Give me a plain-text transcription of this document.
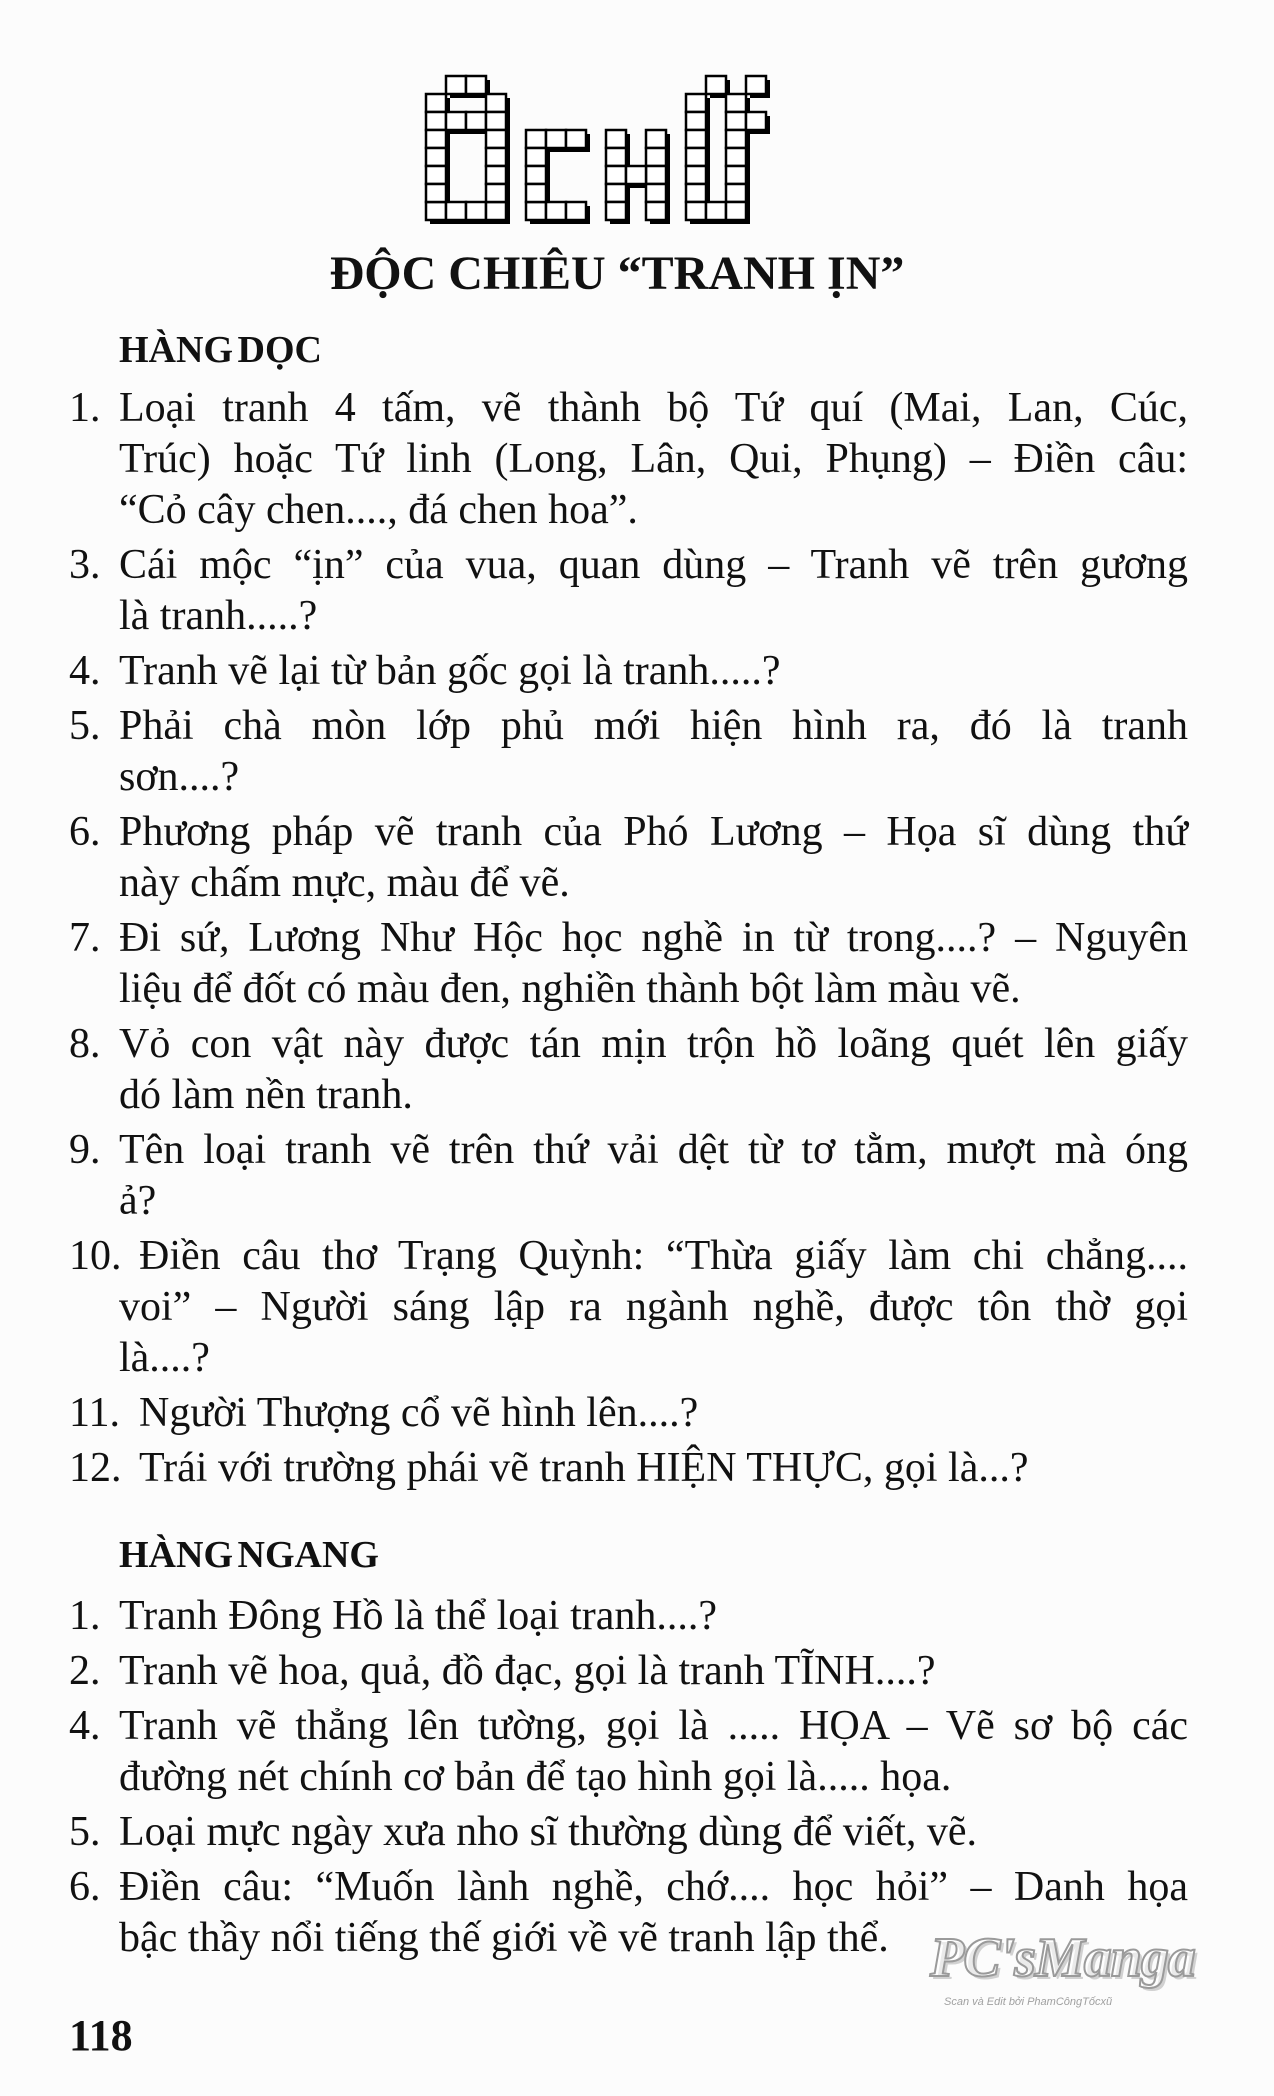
ĐỘC CHIÊU “TRANH ỊN”
HÀNG DỌC
1. Loại tranh 4 tấm, vẽ thành bộ Tứ quí (Mai, Lan, Cúc,
Trúc) hoặc Tứ linh (Long, Lân, Qui, Phụng) – Điền câu:
“Cỏ cây chen...., đá chen hoa”.
3. Cái mộc “ịn” của vua, quan dùng – Tranh vẽ trên gương
là tranh.....?
4. Tranh vẽ lại từ bản gốc gọi là tranh.....?
5. Phải chà mòn lớp phủ mới hiện hình ra, đó là tranh
sơn....?
6. Phương pháp vẽ tranh của Phó Lương – Họa sĩ dùng thứ
này chấm mực, màu để vẽ.
7. Đi sứ, Lương Như Hộc học nghề in từ trong....? – Nguyên
liệu để đốt có màu đen, nghiền thành bột làm màu vẽ.
8. Vỏ con vật này được tán mịn trộn hồ loãng quét lên giấy
dó làm nền tranh.
9. Tên loại tranh vẽ trên thứ vải dệt từ tơ tằm, mượt mà óng
ả?
10. Điền câu thơ Trạng Quỳnh: “Thừa giấy làm chi chẳng....
voi” – Người sáng lập ra ngành nghề, được tôn thờ gọi
là....?
11. Người Thượng cổ vẽ hình lên....?
12. Trái với trường phái vẽ tranh HIỆN THỰC, gọi là...?
HÀNG NGANG
1. Tranh Đông Hồ là thể loại tranh....?
2. Tranh vẽ hoa, quả, đồ đạc, gọi là tranh TĨNH....?
4. Tranh vẽ thẳng lên tường, gọi là ..... HỌA – Vẽ sơ bộ các
đường nét chính cơ bản để tạo hình gọi là..... họa.
5. Loại mực ngày xưa nho sĩ thường dùng để viết, vẽ.
6. Điền câu: “Muốn lành nghề, chớ.... học hỏi” – Danh họa
bậc thầy nổi tiếng thế giới về vẽ tranh lập thể.
118
PC'sManga
Scan và Edit bởi PhamCôngTốcxũ
